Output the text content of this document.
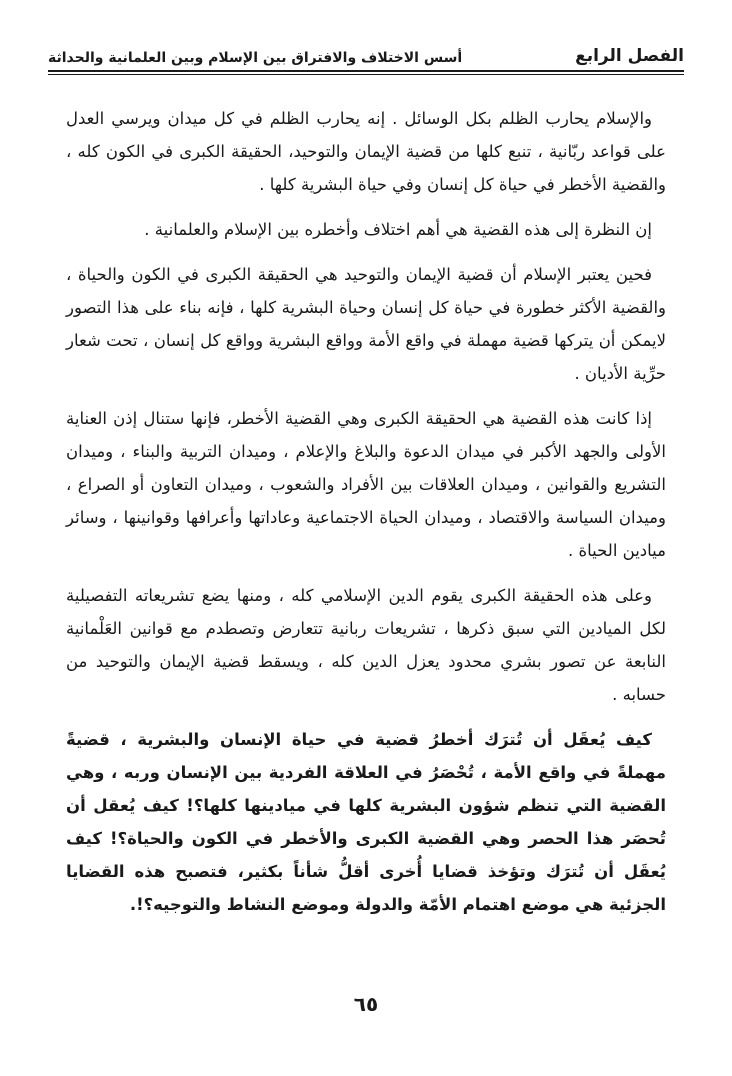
الفصل الرابع
أسس الاختلاف والافتراق بين الإسلام وبين العلمانية والحداثة

والإسلام يحارب الظلم بكل الوسائل . إنه يحارب الظلم في كل ميدان ويرسي العدل على قواعد ربّانية ، تنبع كلها من قضية الإيمان والتوحيد، الحقيقة الكبرى في الكون كله ، والقضية الأخطر في حياة كل إنسان وفي حياة البشرية كلها .

إن النظرة إلى هذه القضية هي أهم اختلاف وأخطره بين الإسلام والعلمانية .

فحين يعتبر الإسلام أن قضية الإيمان والتوحيد هي الحقيقة الكبرى في الكون والحياة ، والقضية الأكثر خطورة في حياة كل إنسان وحياة البشرية كلها ، فإنه بناء على هذا التصور لايمكن أن يتركها قضية مهملة في واقع الأمة وواقع البشرية وواقع كل إنسان ، تحت شعار حرِّية الأديان .

إذا كانت هذه القضية هي الحقيقة الكبرى وهي القضية الأخطر، فإنها ستنال إذن العناية الأولى والجهد الأكبر في ميدان الدعوة والبلاغ والإعلام ، وميدان التربية والبناء ، وميدان التشريع والقوانين ، وميدان العلاقات بين الأفراد والشعوب ، وميدان التعاون أو الصراع ، وميدان السياسة والاقتصاد ، وميدان الحياة الاجتماعية وعاداتها وأعرافها وقوانينها ، وسائر ميادين الحياة .

وعلى هذه الحقيقة الكبرى يقوم الدين الإسلامي كله ، ومنها يضع تشريعاته التفصيلية لكل الميادين التي سبق ذكرها ، تشريعات ربانية تتعارض وتصطدم مع قوانين العَلْمانية النابعة عن تصور بشري محدود يعزل الدين كله ، ويسقط قضية الإيمان والتوحيد من حسابه .

كيف يُعقَل أن تُترَك أخطرُ قضية في حياة الإنسان والبشرية ، قضيةً مهملةً في واقع الأمة ، تُحْصَرُ في العلاقة الفردية بين الإنسان وربه ، وهي القضية التي تنظم شؤون البشرية كلها في ميادينها كلها؟! كيف يُعقل أن تُحصَر هذا الحصر وهي القضية الكبرى والأخطر في الكون والحياة؟! كيف يُعقَل أن تُترَك وتؤخذ قضايا أُخرى أقلُّ شأناً بكثير، فتصبح هذه القضايا الجزئية هي موضع اهتمام الأمّة والدولة وموضع النشاط والتوجيه؟!.

٦٥
